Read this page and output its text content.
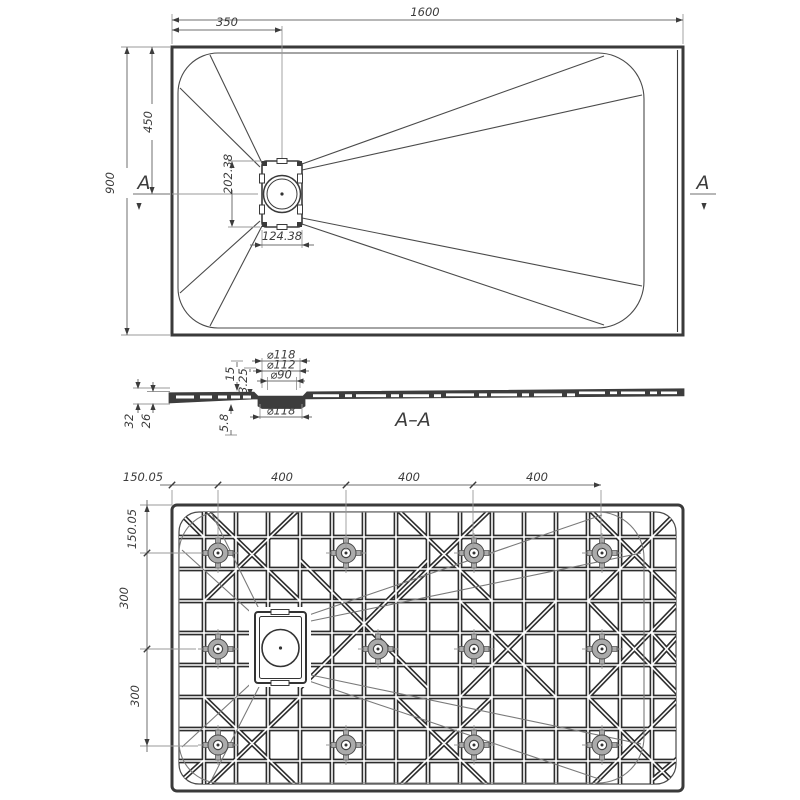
1600
350
900
450
202.38
124.38
A	A
⌀118
⌀112
⌀90
⌀118
15 3.25
5.8
32 26	A–A
150.05	400	400	400
150.05
300
300
